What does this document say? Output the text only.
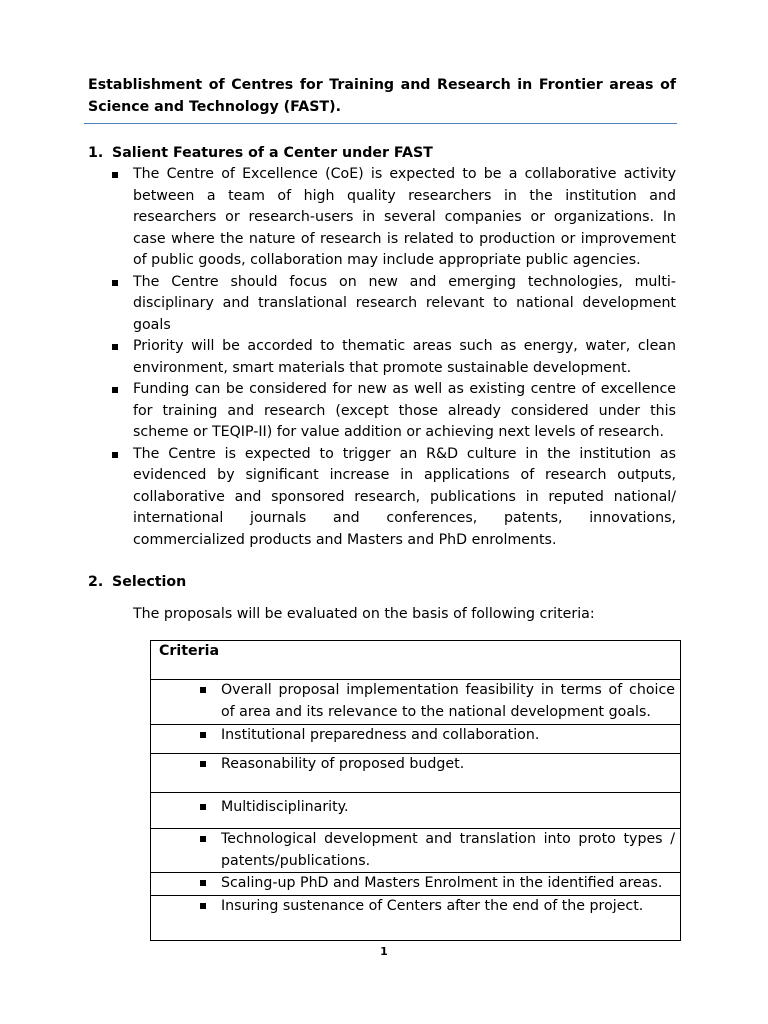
Establishment of Centres for Training and Research in Frontier areas of Science and Technology (FAST).

1. Salient Features of a Center under FAST

The Centre of Excellence (CoE) is expected to be a collaborative activity between a team of high quality researchers in the institution and researchers or research-users in several companies or organizations. In case where the nature of research is related to production or improvement of public goods, collaboration may include appropriate public agencies.
The Centre should focus on new and emerging technologies, multi-disciplinary and translational research relevant to national development goals
Priority will be accorded to thematic areas such as energy, water, clean environment, smart materials that promote sustainable development.
Funding can be considered for new as well as existing centre of excellence for training and research (except those already considered under this scheme or TEQIP-II) for value addition or achieving next levels of research.
The Centre is expected to trigger an R&D culture in the institution as evidenced by significant increase in applications of research outputs, collaborative and sponsored research, publications in reputed national/ international journals and conferences, patents, innovations, commercialized products and Masters and PhD enrolments.

2. Selection

The proposals will be evaluated on the basis of following criteria:

Criteria

Overall proposal implementation feasibility in terms of choice of area and its relevance to the national development goals.

Institutional preparedness and collaboration.

Reasonability of proposed budget.

Multidisciplinarity.

Technological development and translation into proto types / patents/publications.

Scaling-up PhD and Masters Enrolment in the identified areas.

Insuring sustenance of Centers after the end of the project.
1
